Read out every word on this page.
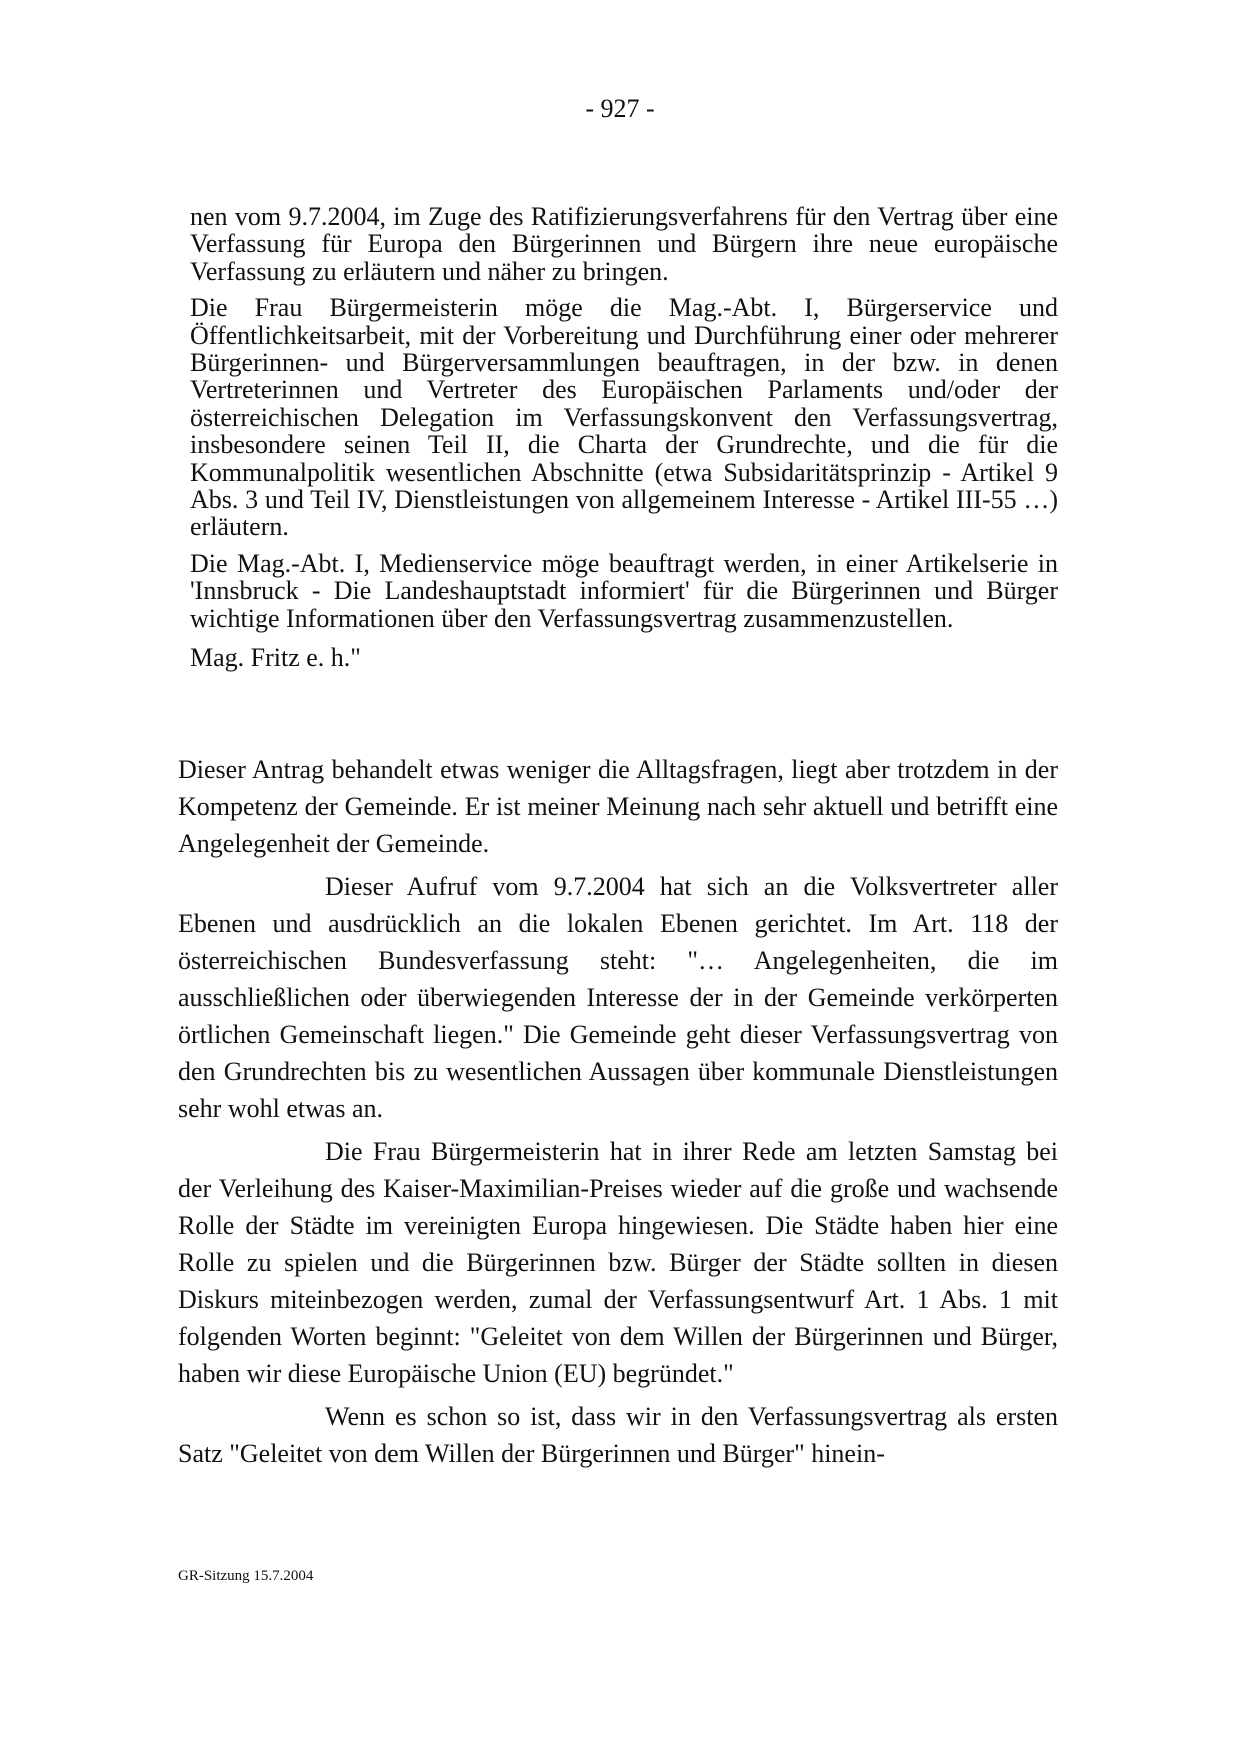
- 927 -

nen vom 9.7.2004, im Zuge des Ratifizierungsverfahrens für den Vertrag über eine Verfassung für Europa den Bürgerinnen und Bürgern ihre neue europäische Verfassung zu erläutern und näher zu bringen.

Die Frau Bürgermeisterin möge die Mag.-Abt. I, Bürgerservice und Öffentlichkeitsarbeit, mit der Vorbereitung und Durchführung einer oder mehrerer Bürgerinnen- und Bürgerversammlungen beauftragen, in der bzw. in denen Vertreterinnen und Vertreter des Europäischen Parlaments und/oder der österreichischen Delegation im Verfassungskonvent den Verfassungsvertrag, insbesondere seinen Teil II, die Charta der Grundrechte, und die für die Kommunalpolitik wesentlichen Abschnitte (etwa Subsidaritätsprinzip - Artikel 9 Abs. 3 und Teil IV, Dienstleistungen von allgemeinem Interesse - Artikel III-55 …) erläutern.

Die Mag.-Abt. I, Medienservice möge beauftragt werden, in einer Artikelserie in 'Innsbruck - Die Landeshauptstadt informiert' für die Bürgerinnen und Bürger wichtige Informationen über den Verfassungsvertrag zusammenzustellen.

Mag. Fritz e. h."

Dieser Antrag behandelt etwas weniger die Alltagsfragen, liegt aber trotzdem in der Kompetenz der Gemeinde. Er ist meiner Meinung nach sehr aktuell und betrifft eine Angelegenheit der Gemeinde.

Dieser Aufruf vom 9.7.2004 hat sich an die Volksvertreter aller Ebenen und ausdrücklich an die lokalen Ebenen gerichtet. Im Art. 118 der österreichischen Bundesverfassung steht: "… Angelegenheiten, die im ausschließlichen oder überwiegenden Interesse der in der Gemeinde verkörperten örtlichen Gemeinschaft liegen." Die Gemeinde geht dieser Verfassungsvertrag von den Grundrechten bis zu wesentlichen Aussagen über kommunale Dienstleistungen sehr wohl etwas an.

Die Frau Bürgermeisterin hat in ihrer Rede am letzten Samstag bei der Verleihung des Kaiser-Maximilian-Preises wieder auf die große und wachsende Rolle der Städte im vereinigten Europa hingewiesen. Die Städte haben hier eine Rolle zu spielen und die Bürgerinnen bzw. Bürger der Städte sollten in diesen Diskurs miteinbezogen werden, zumal der Verfassungsentwurf Art. 1 Abs. 1 mit folgenden Worten beginnt: "Geleitet von dem Willen der Bürgerinnen und Bürger, haben wir diese Europäische Union (EU) begründet."

Wenn es schon so ist, dass wir in den Verfassungsvertrag als ersten Satz "Geleitet von dem Willen der Bürgerinnen und Bürger" hinein-

GR-Sitzung 15.7.2004
